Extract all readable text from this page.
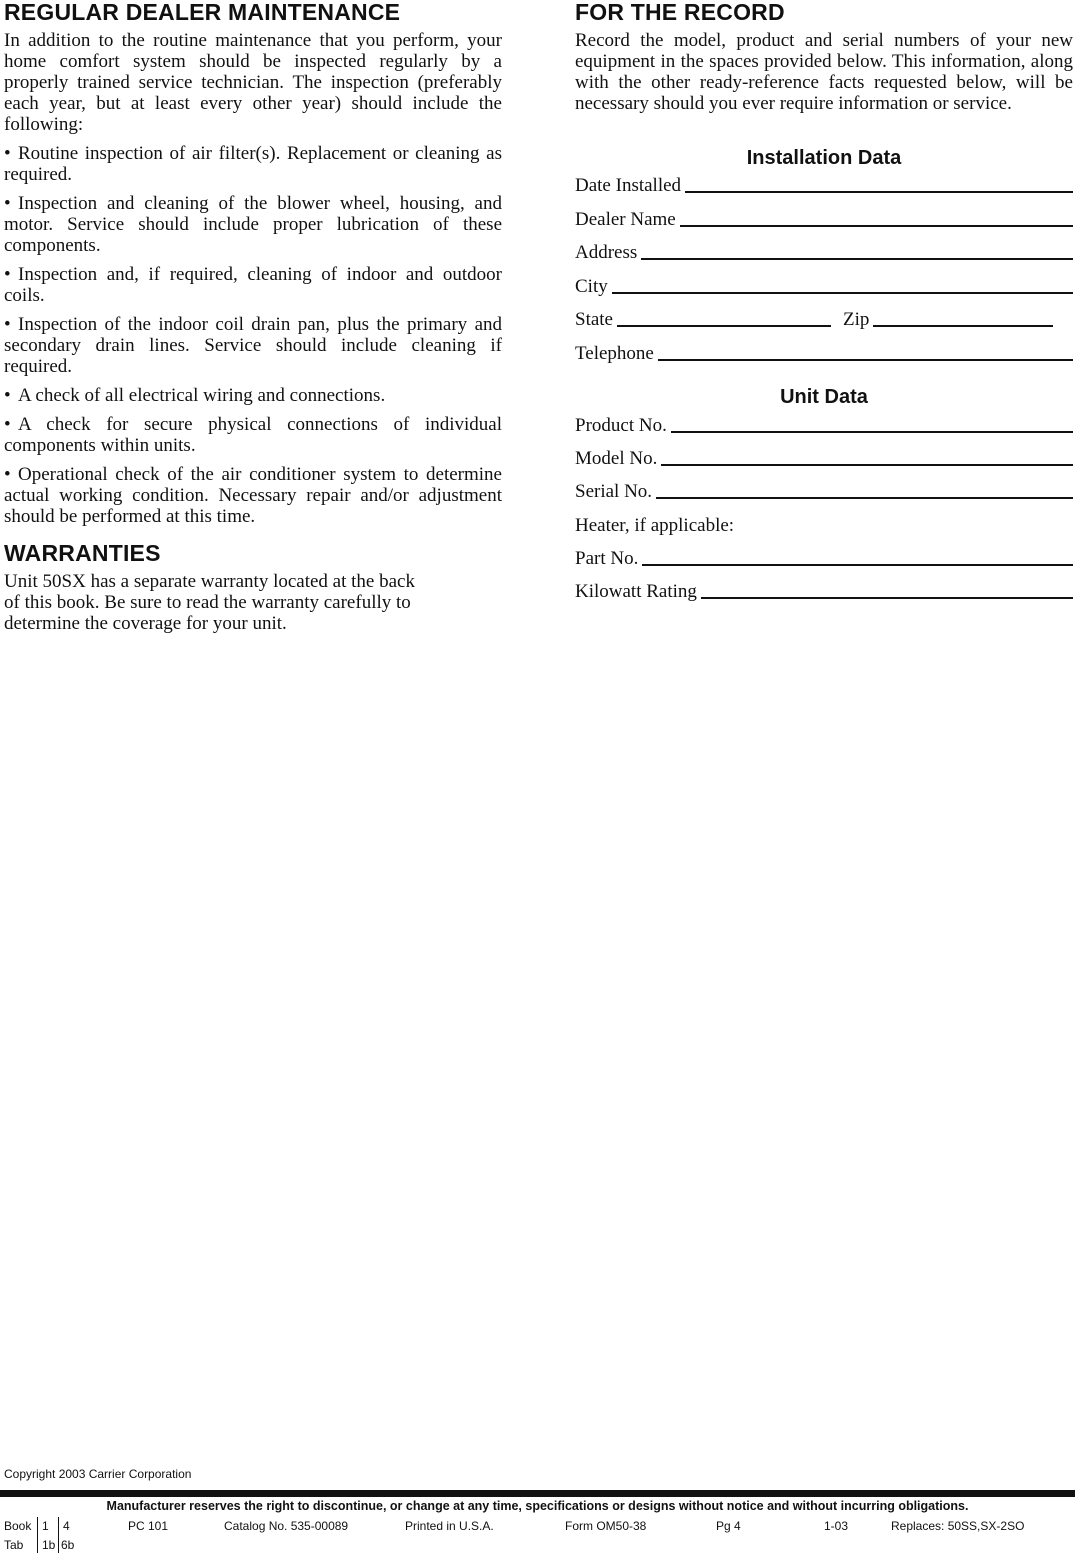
REGULAR DEALER MAINTENANCE

In addition to the routine maintenance that you perform, your home comfort system should be inspected regularly by a properly trained service technician. The inspection (preferably each year, but at least every other year) should include the following:

• Routine inspection of air filter(s). Replacement or cleaning as required.
• Inspection and cleaning of the blower wheel, housing, and motor. Service should include proper lubrication of these components.
• Inspection and, if required, cleaning of indoor and outdoor coils.
• Inspection of the indoor coil drain pan, plus the primary and secondary drain lines. Service should include cleaning if required.
• A check of all electrical wiring and connections.
• A check for secure physical connections of individual components within units.
• Operational check of the air conditioner system to determine actual working condition. Necessary repair and/or adjustment should be performed at this time.
WARRANTIES

Unit 50SX has a separate warranty located at the back of this book. Be sure to read the warranty carefully to determine the coverage for your unit.

FOR THE RECORD

Record the model, product and serial numbers of your new equipment in the spaces provided below. This information, along with the other ready-reference facts requested below, will be necessary should you ever require information or service.

Installation Data
Date Installed
Dealer Name
Address
City
State	Zip
Telephone
Unit Data
Product No.
Model No.
Serial No.
Heater, if applicable:
Part No.
Kilowatt Rating
Copyright 2003 Carrier Corporation
Manufacturer reserves the right to discontinue, or change at any time, specifications or designs without notice and without incurring obligations.
Book 1 4	PC 101	Catalog No. 535-00089	Printed in U.S.A.	Form OM50-38	Pg 4	1-03	Replaces: 50SS,SX-2SO
Tab 1b 6b
